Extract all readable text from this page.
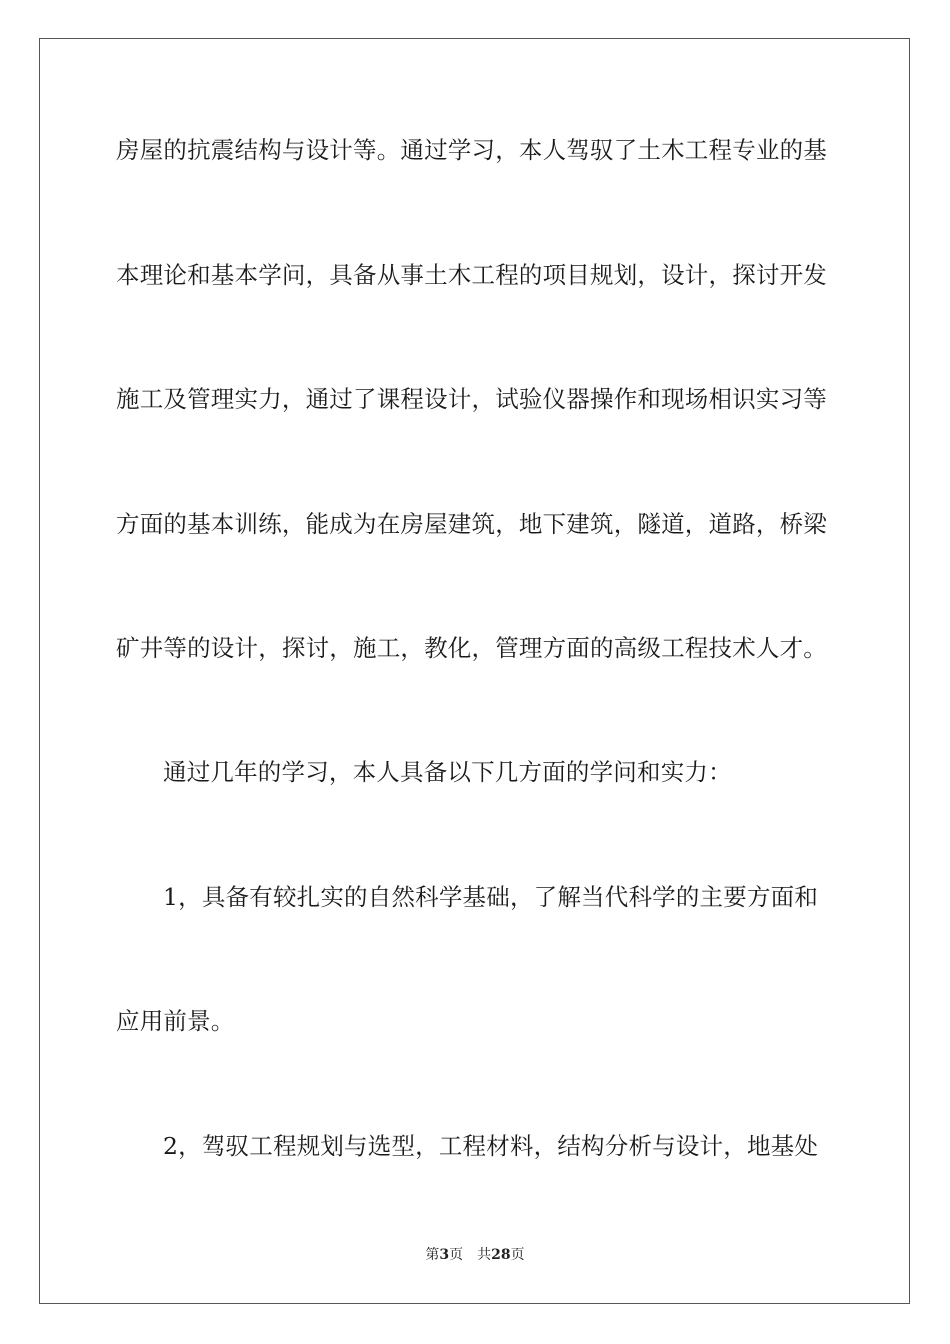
房屋的抗震结构与设计等。通过学习，本人驾驭了土木工程专业的基
本理论和基本学问，具备从事土木工程的项目规划，设计，探讨开发
施工及管理实力，通过了课程设计，试验仪器操作和现场相识实习等
方面的基本训练，能成为在房屋建筑，地下建筑，隧道，道路，桥梁
矿井等的设计，探讨，施工，教化，管理方面的高级工程技术人才。
通过几年的学习，本人具备以下几方面的学问和实力：
1，具备有较扎实的自然科学基础，了解当代科学的主要方面和
应用前景。
2，驾驭工程规划与选型，工程材料，结构分析与设计，地基处
第3页 共28页
